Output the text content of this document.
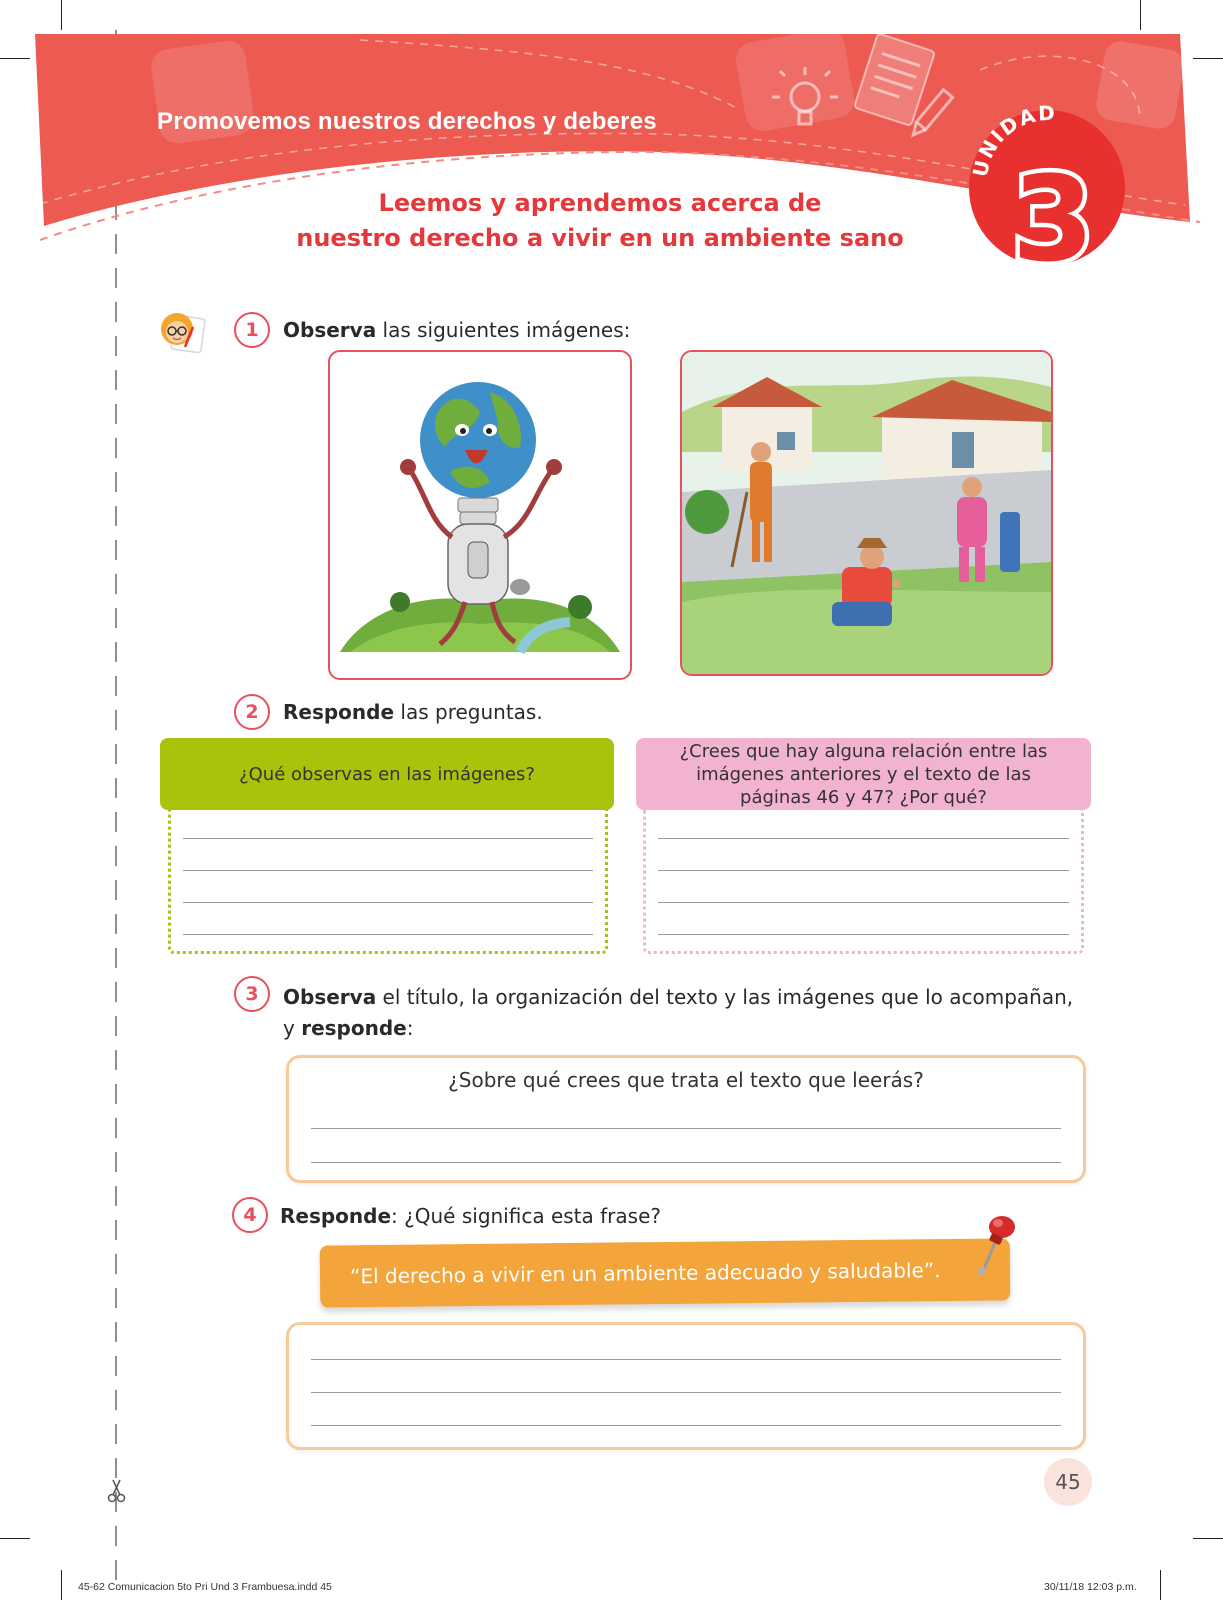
Promovemos nuestros derechos y deberes
Leemos y aprendemos acerca de
nuestro derecho a vivir en un ambiente sano
UNIDAD
3
1	Observa las siguientes imágenes:
2	Responde las preguntas.
¿Qué observas en las imágenes?
¿Crees que hay alguna relación entre las imágenes anteriores y el texto de las páginas 46 y 47? ¿Por qué?
3	Observa el título, la organización del texto y las imágenes que lo acompañan,
y responde:
¿Sobre qué crees que trata el texto que leerás?
4	Responde: ¿Qué significa esta frase?
“El derecho a vivir en un ambiente adecuado y saludable”.
45
45-62 Comunicacion 5to Pri Und 3 Frambuesa.indd 45	30/11/18 12:03 p.m.
